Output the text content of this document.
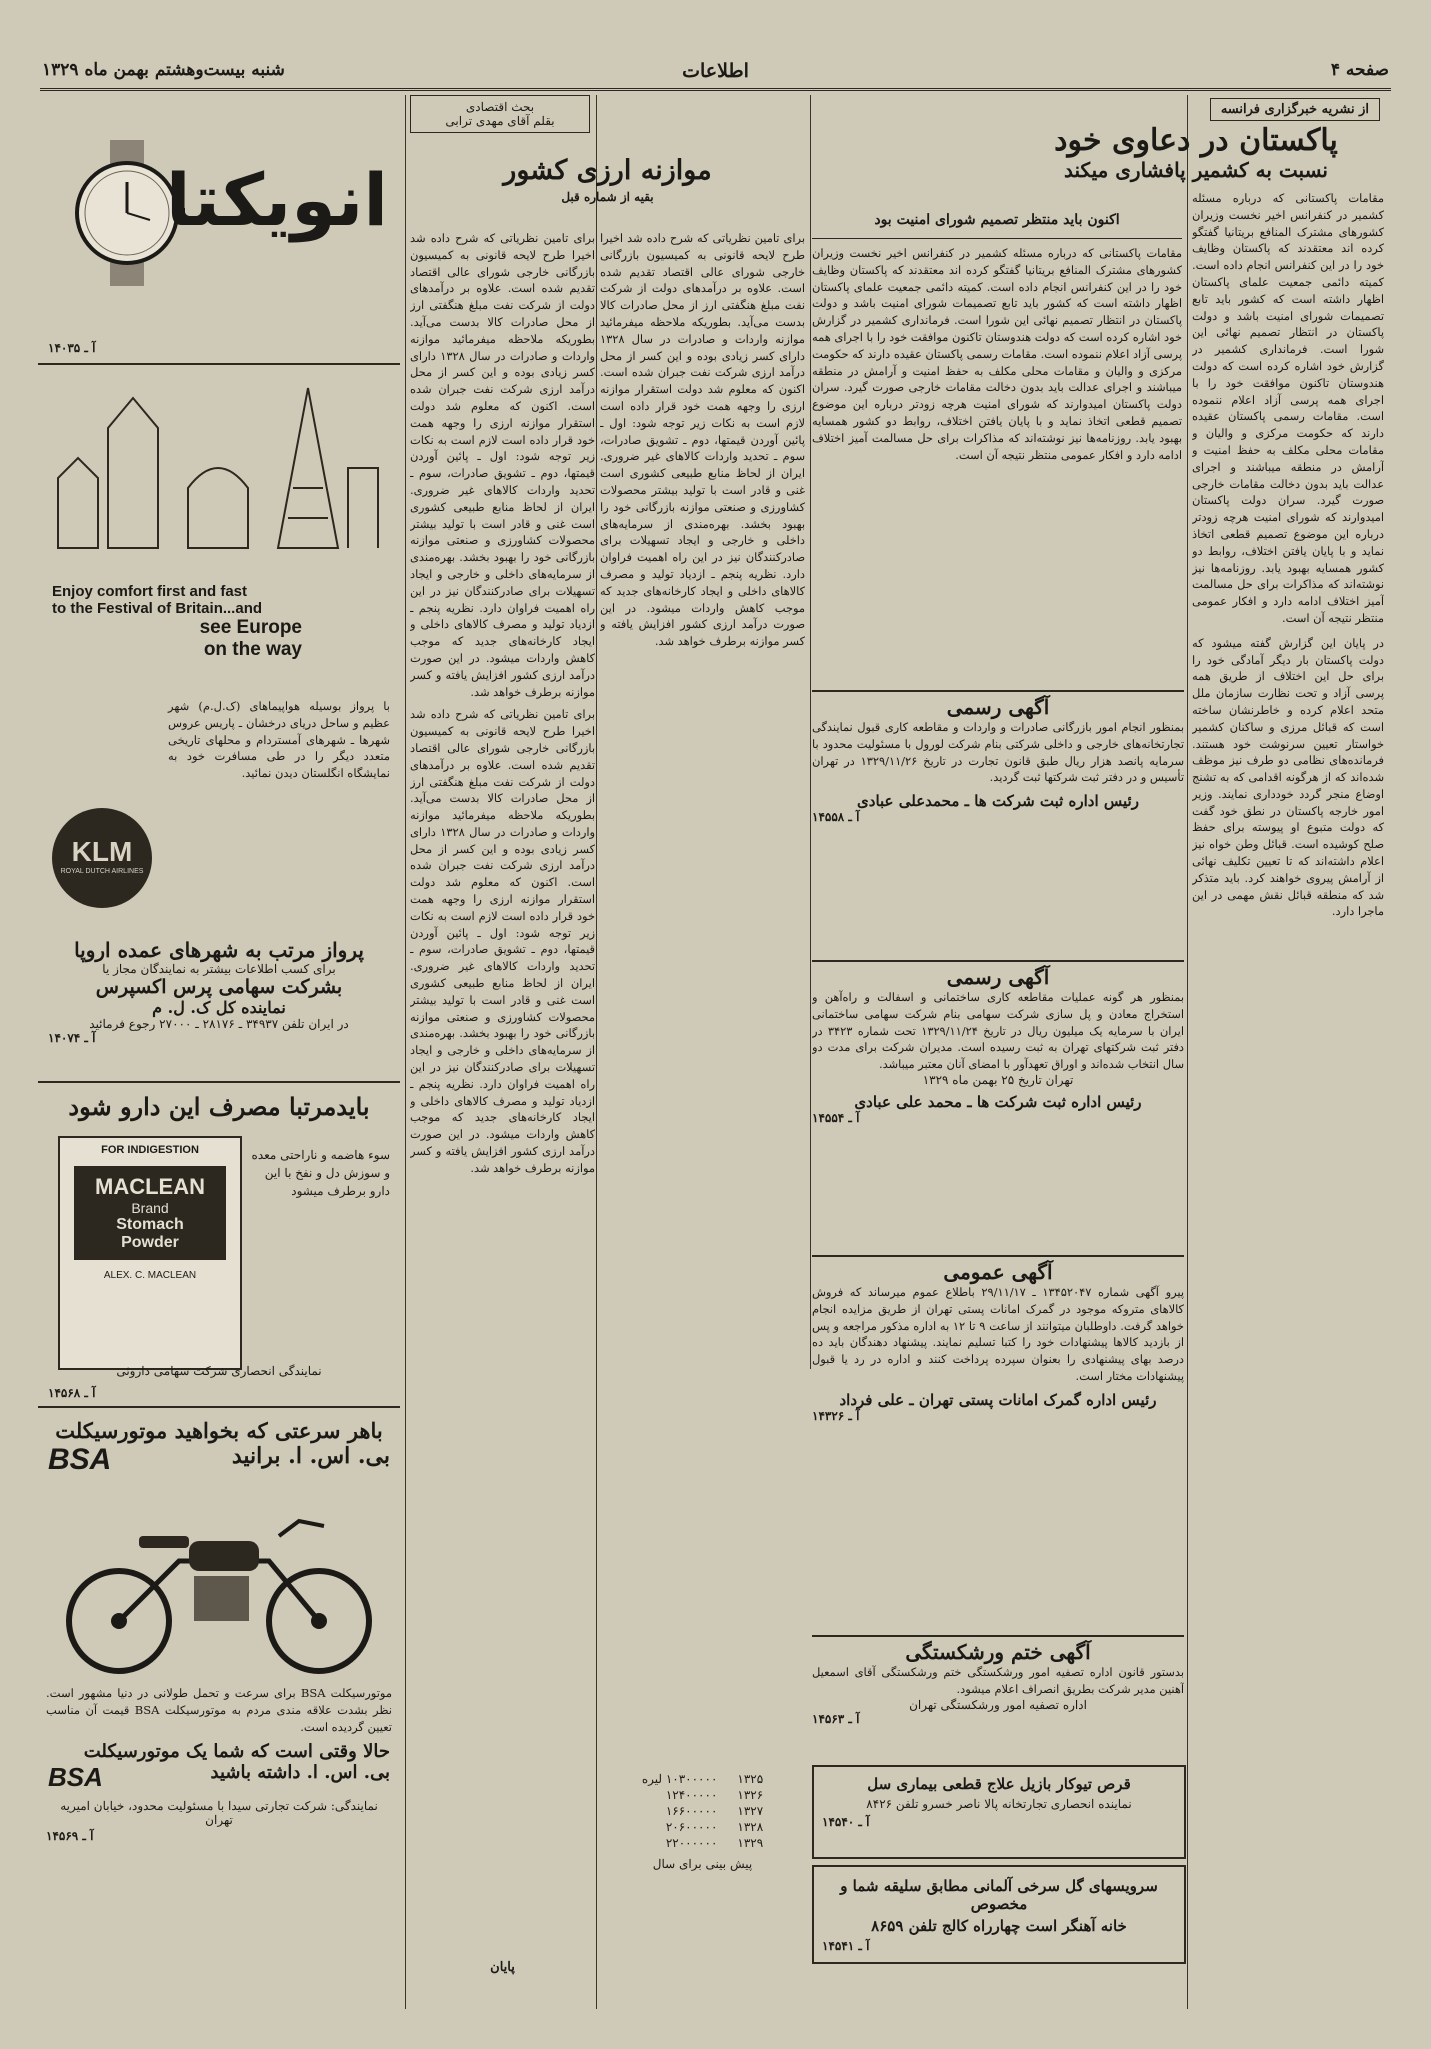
صفحه ۴
اطلاعات
شنبه بیست‌وهشتم بهمن ماه ۱۳۲۹
از نشریه خبرگزاری فرانسه
پاکستان در دعاوی خود
نسبت به کشمیر پافشاری میکند
اکنون باید منتظر تصمیم شورای امنیت بود

مقامات پاکستانی که درباره مسئله کشمیر در کنفرانس اخیر نخست وزیران کشورهای مشترک المنافع بریتانیا گفتگو کرده اند معتقدند که پاکستان وظایف خود را در این کنفرانس انجام داده است. کمیته دائمی جمعیت علمای پاکستان اظهار داشته است که کشور باید تابع تصمیمات شورای امنیت باشد و دولت پاکستان در انتظار تصمیم نهائی این شورا است. فرمانداری کشمیر در گزارش خود اشاره کرده است که دولت هندوستان تاکنون موافقت خود را با اجرای همه پرسی آزاد اعلام ننموده است. مقامات رسمی پاکستان عقیده دارند که حکومت مرکزی و والیان و مقامات محلی مکلف به حفظ امنیت و آرامش در منطقه میباشند و اجرای عدالت باید بدون دخالت مقامات خارجی صورت گیرد. سران دولت پاکستان امیدوارند که شورای امنیت هرچه زودتر درباره این موضوع تصمیم قطعی اتخاذ نماید و با پایان یافتن اختلاف، روابط دو کشور همسایه بهبود یابد. روزنامه‌ها نیز نوشته‌اند که مذاکرات برای حل مسالمت آمیز اختلاف ادامه دارد و افکار عمومی منتظر نتیجه آن است.

در پایان این گزارش گفته میشود که دولت پاکستان بار دیگر آمادگی خود را برای حل این اختلاف از طریق همه پرسی آزاد و تحت نظارت سازمان ملل متحد اعلام کرده و خاطرنشان ساخته است که قبائل مرزی و ساکنان کشمیر خواستار تعیین سرنوشت خود هستند. فرمانده‌های نظامی دو طرف نیز موظف شده‌اند که از هرگونه اقدامی که به تشنج اوضاع منجر گردد خودداری نمایند. وزیر امور خارجه پاکستان در نطق خود گفت که دولت متبوع او پیوسته برای حفظ صلح کوشیده است. قبائل وطن خواه نیز اعلام داشته‌اند که تا تعیین تکلیف نهائی از آرامش پیروی خواهند کرد. باید متذکر شد که منطقه قبائل نقش مهمی در این ماجرا دارد.

مقامات پاکستانی که درباره مسئله کشمیر در کنفرانس اخیر نخست وزیران کشورهای مشترک المنافع بریتانیا گفتگو کرده اند معتقدند که پاکستان وظایف خود را در این کنفرانس انجام داده است. کمیته دائمی جمعیت علمای پاکستان اظهار داشته است که کشور باید تابع تصمیمات شورای امنیت باشد و دولت پاکستان در انتظار تصمیم نهائی این شورا است. فرمانداری کشمیر در گزارش خود اشاره کرده است که دولت هندوستان تاکنون موافقت خود را با اجرای همه پرسی آزاد اعلام ننموده است. مقامات رسمی پاکستان عقیده دارند که حکومت مرکزی و والیان و مقامات محلی مکلف به حفظ امنیت و آرامش در منطقه میباشند و اجرای عدالت باید بدون دخالت مقامات خارجی صورت گیرد. سران دولت پاکستان امیدوارند که شورای امنیت هرچه زودتر درباره این موضوع تصمیم قطعی اتخاذ نماید و با پایان یافتن اختلاف، روابط دو کشور همسایه بهبود یابد. روزنامه‌ها نیز نوشته‌اند که مذاکرات برای حل مسالمت آمیز اختلاف ادامه دارد و افکار عمومی منتظر نتیجه آن است.

بحث اقتصادی
بقلم آقای مهدی ترابی
موازنه ارزی کشور
بقیه از شماره قبل

برای تامین نظریاتی که شرح داده شد اخیرا طرح لایحه قانونی به کمیسیون بازرگانی خارجی شورای عالی اقتصاد تقدیم شده است. علاوه بر درآمدهای دولت از شرکت نفت مبلغ هنگفتی ارز از محل صادرات کالا بدست می‌آید. بطوریکه ملاحظه میفرمائید موازنه واردات و صادرات در سال ۱۳۲۸ دارای کسر زیادی بوده و این کسر از محل درآمد ارزی شرکت نفت جبران شده است. اکنون که معلوم شد دولت استقرار موازنه ارزی را وجهه همت خود قرار داده است لازم است به نکات زیر توجه شود: اول ـ پائین آوردن قیمتها، دوم ـ تشویق صادرات، سوم ـ تحدید واردات کالاهای غیر ضروری. ایران از لحاظ منابع طبیعی کشوری است غنی و قادر است با تولید بیشتر محصولات کشاورزی و صنعتی موازنه بازرگانی خود را بهبود بخشد. بهره‌مندی از سرمایه‌های داخلی و خارجی و ایجاد تسهیلات برای صادرکنندگان نیز در این راه اهمیت فراوان دارد. نظریه پنجم ـ ازدیاد تولید و مصرف کالاهای داخلی و ایجاد کارخانه‌های جدید که موجب کاهش واردات میشود. در این صورت درآمد ارزی کشور افزایش یافته و کسر موازنه برطرف خواهد شد.

برای تامین نظریاتی که شرح داده شد اخیرا طرح لایحه قانونی به کمیسیون بازرگانی خارجی شورای عالی اقتصاد تقدیم شده است. علاوه بر درآمدهای دولت از شرکت نفت مبلغ هنگفتی ارز از محل صادرات کالا بدست می‌آید. بطوریکه ملاحظه میفرمائید موازنه واردات و صادرات در سال ۱۳۲۸ دارای کسر زیادی بوده و این کسر از محل درآمد ارزی شرکت نفت جبران شده است. اکنون که معلوم شد دولت استقرار موازنه ارزی را وجهه همت خود قرار داده است لازم است به نکات زیر توجه شود: اول ـ پائین آوردن قیمتها، دوم ـ تشویق صادرات، سوم ـ تحدید واردات کالاهای غیر ضروری. ایران از لحاظ منابع طبیعی کشوری است غنی و قادر است با تولید بیشتر محصولات کشاورزی و صنعتی موازنه بازرگانی خود را بهبود بخشد. بهره‌مندی از سرمایه‌های داخلی و خارجی و ایجاد تسهیلات برای صادرکنندگان نیز در این راه اهمیت فراوان دارد. نظریه پنجم ـ ازدیاد تولید و مصرف کالاهای داخلی و ایجاد کارخانه‌های جدید که موجب کاهش واردات میشود. در این صورت درآمد ارزی کشور افزایش یافته و کسر موازنه برطرف خواهد شد.

برای تامین نظریاتی که شرح داده شد اخیرا طرح لایحه قانونی به کمیسیون بازرگانی خارجی شورای عالی اقتصاد تقدیم شده است. علاوه بر درآمدهای دولت از شرکت نفت مبلغ هنگفتی ارز از محل صادرات کالا بدست می‌آید. بطوریکه ملاحظه میفرمائید موازنه واردات و صادرات در سال ۱۳۲۸ دارای کسر زیادی بوده و این کسر از محل درآمد ارزی شرکت نفت جبران شده است. اکنون که معلوم شد دولت استقرار موازنه ارزی را وجهه همت خود قرار داده است لازم است به نکات زیر توجه شود: اول ـ پائین آوردن قیمتها، دوم ـ تشویق صادرات، سوم ـ تحدید واردات کالاهای غیر ضروری. ایران از لحاظ منابع طبیعی کشوری است غنی و قادر است با تولید بیشتر محصولات کشاورزی و صنعتی موازنه بازرگانی خود را بهبود بخشد. بهره‌مندی از سرمایه‌های داخلی و خارجی و ایجاد تسهیلات برای صادرکنندگان نیز در این راه اهمیت فراوان دارد. نظریه پنجم ـ ازدیاد تولید و مصرف کالاهای داخلی و ایجاد کارخانه‌های جدید که موجب کاهش واردات میشود. در این صورت درآمد ارزی کشور افزایش یافته و کسر موازنه برطرف خواهد شد.

۱۳۲۵	۱۰۳۰۰۰۰۰ لیره
۱۳۲۶	۱۲۴۰۰۰۰۰
۱۳۲۷	۱۶۶۰۰۰۰۰
۱۳۲۸	۲۰۶۰۰۰۰۰
۱۳۲۹	۲۲۰۰۰۰۰۰
پیش بینی برای سال
پایان
آگهی رسمی

بمنظور انجام امور بازرگانی صادرات و واردات و مقاطعه کاری قبول نمایندگی تجارتخانه‌های خارجی و داخلی شرکتی بنام شرکت لورول با مسئولیت محدود با سرمایه پانصد هزار ریال طبق قانون تجارت در تاریخ ۱۳۲۹/۱۱/۲۶ در تهران تأسیس و در دفتر ثبت شرکتها ثبت گردید.

رئیس اداره ثبت شرکت ها ـ محمدعلی عبادی
آ ـ ۱۴۵۵۸
آگهی رسمی

بمنظور هر گونه عملیات مقاطعه کاری ساختمانی و اسفالت و راه‌آهن و استخراج معادن و پل سازی شرکت سهامی بنام شرکت سهامی ساختمانی ایران با سرمایه یک میلیون ریال در تاریخ ۱۳۲۹/۱۱/۲۴ تحت شماره ۳۴۲۳ در دفتر ثبت شرکتهای تهران به ثبت رسیده است. مدیران شرکت برای مدت دو سال انتخاب شده‌اند و اوراق تعهدآور با امضای آنان معتبر میباشد.

تهران تاریخ ۲۵ بهمن ماه ۱۳۲۹
رئیس اداره ثبت شرکت ها ـ محمد علی عبادی
آ ـ ۱۴۵۵۴
آگهی عمومی

پیرو آگهی شماره ۱۳۴۵۲۰۴۷ ـ ۲۹/۱۱/۱۷ باطلاع عموم میرساند که فروش کالاهای متروکه موجود در گمرک امانات پستی تهران از طریق مزایده انجام خواهد گرفت. داوطلبان میتوانند از ساعت ۹ تا ۱۲ به اداره مذکور مراجعه و پس از بازدید کالاها پیشنهادات خود را کتبا تسلیم نمایند. پیشنهاد دهندگان باید ده درصد بهای پیشنهادی را بعنوان سپرده پرداخت کنند و اداره در رد یا قبول پیشنهادات مختار است.

رئیس اداره گمرک امانات پستی تهران ـ علی فرداد
آ ـ ۱۴۳۲۶
آگهی ختم ورشکستگی

بدستور قانون اداره تصفیه امور ورشکستگی ختم ورشکستگی آقای اسمعیل آهنین مدیر شرکت بطریق انصراف اعلام میشود.

اداره تصفیه امور ورشکستگی تهران
آ ـ ۱۴۵۶۳
قرص تیوکار بازیل علاج قطعی بیماری سل
نماینده انحصاری تجارتخانه پالا ناصر خسرو تلفن ۸۴۲۶
آ ـ ۱۴۵۴۰
سرویسهای گل سرخی آلمانی مطابق سلیقه شما و مخصوص
خانه آهنگر است چهارراه کالج تلفن ۸۶۵۹
آ ـ ۱۴۵۴۱
انویکتا
آ ـ ۱۴۰۳۵
Enjoy comfort first and fast
to the Festival of Britain...and
see Europe
on the way

با پرواز بوسیله هواپیماهای (ک.ل.م) شهر عظیم و ساحل دریای درخشان ـ پاریس عروس شهرها ـ شهرهای آمستردام و محلهای تاریخی متعدد دیگر را در طی مسافرت خود به نمایشگاه انگلستان دیدن نمائید.

KLM
ROYAL DUTCH AIRLINES
پرواز مرتب به شهرهای عمده اروپا
برای کسب اطلاعات بیشتر به نمایندگان مجاز یا
بشرکت سهامی پرس اکسپرس
نماینده کل ک. ل. م
در ایران تلفن ۳۴۹۳۷ ـ ۲۸۱۷۶ ـ ۲۷۰۰۰ رجوع فرمائید
آ ـ ۱۴۰۷۴
بایدمرتبا مصرف این دارو شود
FOR INDIGESTION
MACLEAN
Brand
Stomach
Powder
ALEX. C. MACLEAN
سوء هاضمه و ناراحتی معده و سوزش دل و نفخ با این دارو برطرف میشود
نمایندگی انحصاری شرکت سهامی داروئی
آ ـ ۱۴۵۶۸
باهر سرعتی که بخواهید موتورسیکلت
بی. اس. ا. برانید
BSA

موتورسیکلت BSA برای سرعت و تحمل طولانی در دنیا مشهور است. نظر بشدت علاقه مندی مردم به موتورسیکلت BSA قیمت آن مناسب تعیین گردیده است.

حالا وقتی است که شما یک موتورسیکلت
بی. اس. ا. داشته باشید
BSA
نمایندگی: شرکت تجارتی سیدا با مسئولیت محدود، خیابان امیریه تهران
آ ـ ۱۴۵۶۹
